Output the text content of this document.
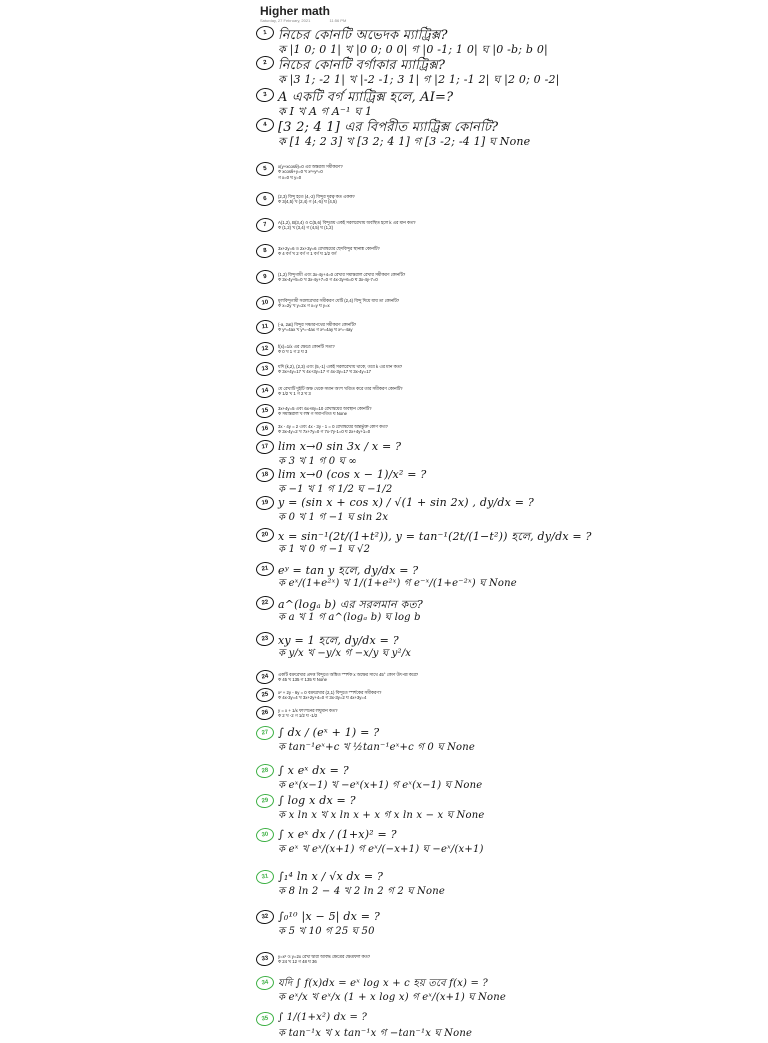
Higher math
Saturday, 27 February, 2021	11:56 PM
1 নিচের কোনটি অভেদক ম্যাট্রিক্স?
ক |1 0; 0 1| খ |0 0; 0 0| গ |0 -1; 1 0| ঘ |0 -b; b 0|
2 নিচের কোনটি বর্গাকার ম্যাট্রিক্স?
ক |3 1; -2 1| খ |-2 -1; 3 1| গ |2 1; -1 2| ঘ |2 0; 0 -2|
3 A একটি বর্গ ম্যাট্রিক্স হলে, AI=?
ক I খ A গ A⁻¹ ঘ 1
4 [3 2; 4 1] এর বিপরীত ম্যাট্রিক্স কোনটি?
ক [1 4; 2 3] খ [3 2; 4 1] গ [3 -2; -4 1] ঘ None
5	x(y+xcosθ)=0 এর অন্তরজ সমীকরণ?
ক xcosθ+y=0 খ x²+y²=0
গ x=0 ঘ y=0
6	(2,3) বিন্দু হতে (4,-2) বিন্দুর দূরত্ব কত একক?
ক 3(4,5) খ (2,4) গ (4,-5) ঘ (4,5)
7	A(1,2), B(3,4) ও C(5,6) বিন্দুত্রয় একই সরলরেখায় অবস্থিত হলে k এর মান কত?
ক (1,2) খ (3,4) গ (4,5) ঘ (1,2)
8	3x+2y=6 ও 2x+3y=6 রেখাদ্বয়ের ছেদবিন্দুর স্থানাঙ্ক কোনটি?
ক 4 বর্গ খ 2 বর্গ গ 1 বর্গ ঘ 1/2 বর্গ
9	(1,2) বিন্দুগামী এবং 3x-4y+4=0 রেখার সমান্তরাল রেখার সমীকরণ কোনটি?
ক 3x-4y+5=0 খ 3x-4y+7=0 গ 4x-3y+6=0 ঘ 3x-4y-7=0
10	মূলবিন্দুগামী সরলরেখার সমীকরণ যেটি (2,4) বিন্দু দিয়ে যায় তা কোনটি?
ক x=2y খ y=2x গ x=y ঘ y=x
11	(-a, 2at) বিন্দুর সঞ্চারপথের সমীকরণ কোনটি?
ক y²=4ax খ y²=-4ax গ x²=4ay ঘ x²=-4ay
12	f(x)=1/x এর ক্ষেত্রে কোনটি সত্য?
ক 0 খ 1 গ 2 ঘ 3
13	যদি (k,2), (2,3) এবং (5,-1) একই সরলরেখায় থাকে, তবে k এর মান কত?
ক 3x+4y=17 খ 4x+3y=17 গ 4x-3y=17 ঘ 3x-4y=17
14	যে রেখাটি দুইটি অক্ষ থেকে সমান অংশ খণ্ডিত করে তার সমীকরণ কোনটি?
ক 1/2 খ 1 গ 2 ঘ 3
15	3x+4y=5 এবং 6x+8y=10 রেখাদ্বয়ের অবস্থান কোনটি?
ক সমান্তরাল খ লম্ব গ সমাপতিত ঘ None
16	3x - 4y = 2 এবং 4x - 3y - 1 = 0 রেখাদ্বয়ের অন্তর্ভুক্ত কোণ কত?
ক 3x-4y=2 খ 7x+7y=0 গ 7x-7y-1=0 ঘ 2x+4y+1=0
17 lim x→0 sin 3x / x = ?
ক 3 খ 1 গ 0 ঘ ∞
18 lim x→0 (cos x − 1)/x² = ?
ক −1 খ 1 গ 1/2 ঘ −1/2
19 y = (sin x + cos x) / √(1 + sin 2x) , dy/dx = ?
ক 0 খ 1 গ −1 ঘ sin 2x
20 x = sin⁻¹(2t/(1+t²)), y = tan⁻¹(2t/(1−t²)) হলে, dy/dx = ?
ক 1 খ 0 গ −1 ঘ √2
21 eʸ = tan y হলে, dy/dx = ?
ক eˣ/(1+e²ˣ) খ 1/(1+e²ˣ) গ e⁻ˣ/(1+e⁻²ˣ) ঘ None
22 a^(logₐ b) এর সরলমান কত?
ক a খ 1 গ a^(logₐ b) ঘ log b
23 xy = 1 হলে, dy/dx = ?
ক y/x খ −y/x গ −x/y ঘ y²/x
24	একটি বক্ররেখার প্রদত্ত বিন্দুতে অঙ্কিত স্পর্শক x অক্ষের সাথে 45° কোণ উৎপন্ন করে?
ক 45 খ 135 গ 135 ঘ None
25	x² + 2y - 6y = 0 বক্ররেখার (2,1) বিন্দুতে স্পর্শকের সমীকরণ?
ক 4x-3y=4 খ 3x+2y+4=0 গ 3x-3y=2 ঘ 4x+3y=4
26	y = x + 1/x ফাংশনের লঘুমান কত?
ক 2 খ -2 গ 1/2 ঘ -1/2
27 ∫ dx / (eˣ + 1) = ?
ক tan⁻¹eˣ+c খ ½tan⁻¹eˣ+c গ 0 ঘ None
28 ∫ x eˣ dx = ?
ক eˣ(x−1) খ −eˣ(x+1) গ eˣ(x−1) ঘ None
29 ∫ log x dx = ?
ক x ln x খ x ln x + x গ x ln x − x ঘ None
30 ∫ x eˣ dx / (1+x)² = ?
ক eˣ খ eˣ/(x+1) গ eˣ/(−x+1) ঘ −eˣ/(x+1)
31 ∫₁⁴ ln x / √x dx = ?
ক 8 ln 2 − 4 খ 2 ln 2 গ 2 ঘ None
32 ∫₀¹⁰ |x − 5| dx = ?
ক 5 খ 10 গ 25 ঘ 50
33	y=x² ও y=2x রেখা দ্বারা আবদ্ধ ক্ষেত্রের ক্ষেত্রফল কত?
ক 24 খ 12 গ 48 ঘ 36
34 যদি ∫ f(x)dx = eˣ log x + c হয় তবে f(x) = ?
ক eˣ/x খ eˣ/x (1 + x log x) গ eˣ/(x+1) ঘ None
35 ∫ 1/(1+x²) dx = ?
ক tan⁻¹x খ x tan⁻¹x গ −tan⁻¹x ঘ None
